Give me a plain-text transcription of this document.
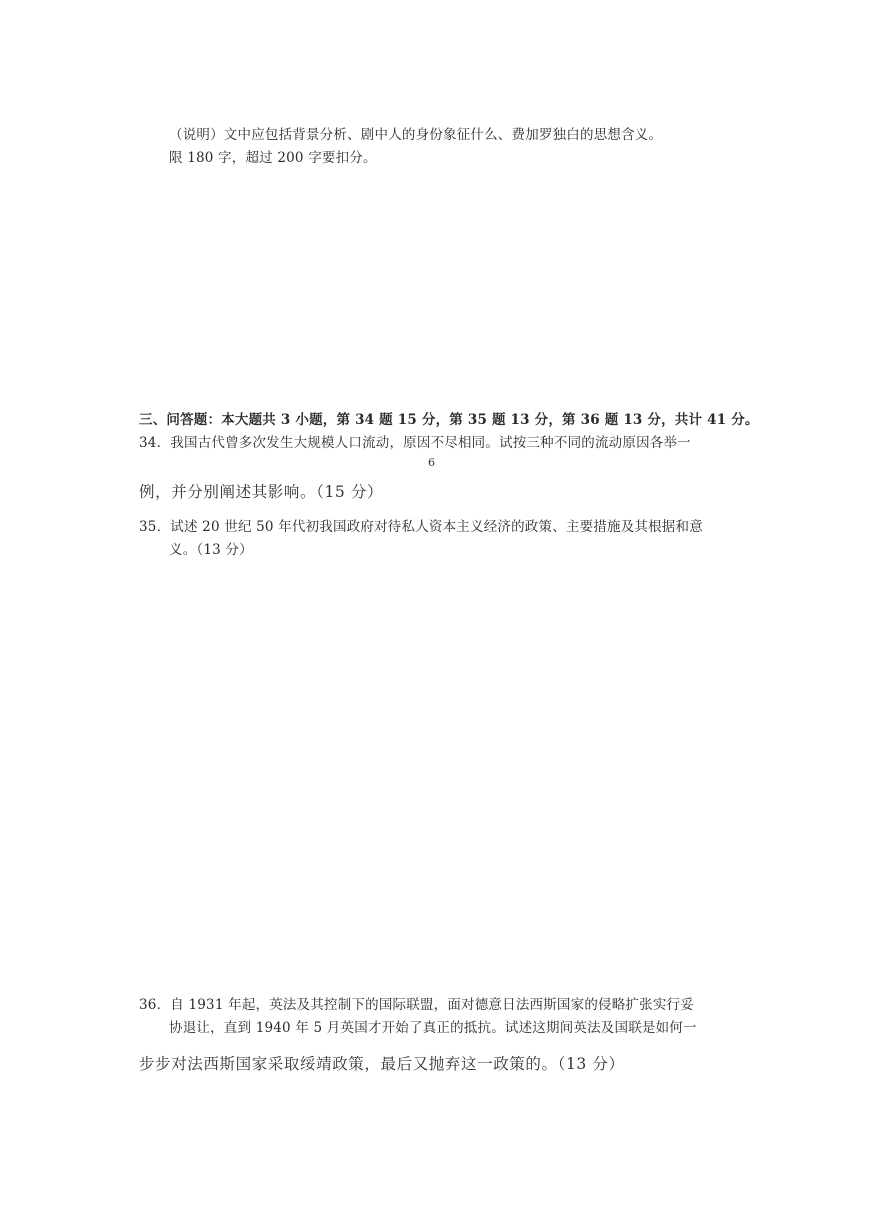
（说明）文中应包括背景分析、剧中人的身份象征什么、费加罗独白的思想含义。
限 180 字，超过 200 字要扣分。
三、问答题：本大题共 3 小题，第 34 题 15 分，第 35 题 13 分，第 36 题 13 分，共计 41 分。
34．我国古代曾多次发生大规模人口流动，原因不尽相同。试按三种不同的流动原因各举一
6
例，并分别阐述其影响。（15 分）
35．试述 20 世纪 50 年代初我国政府对待私人资本主义经济的政策、主要措施及其根据和意
义。（13 分）
36．自 1931 年起，英法及其控制下的国际联盟，面对德意日法西斯国家的侵略扩张实行妥
协退让，直到 1940 年 5 月英国才开始了真正的抵抗。试述这期间英法及国联是如何一
步步对法西斯国家采取绥靖政策，最后又抛弃这一政策的。（13 分）
